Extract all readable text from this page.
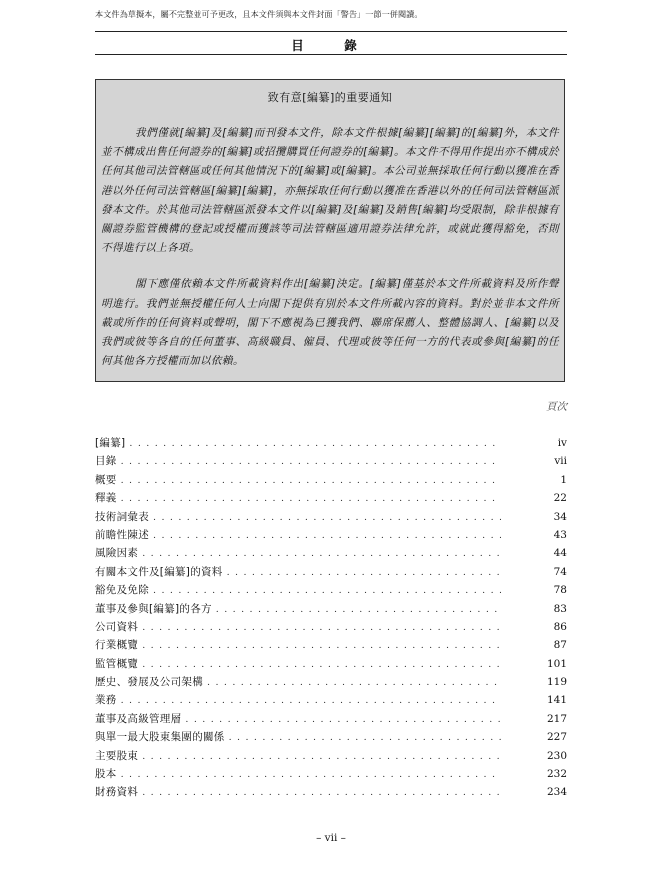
本文件為草擬本，屬不完整並可予更改，且本文件須與本文件封面「警告」一節一併閱讀。
目　錄
致有意[編纂]的重要通知

我們僅就[編纂]及[編纂]而刊發本文件，除本文件根據[編纂][編纂]的[編纂]外，本文件並不構成出售任何證券的[編纂]或招攬購買任何證券的[編纂]。本文件不得用作提出亦不構成於任何其他司法管轄區或任何其他情況下的[編纂]或[編纂]。本公司並無採取任何行動以獲准在香港以外任何司法管轄區[編纂][編纂]，亦無採取任何行動以獲准在香港以外的任何司法管轄區派發本文件。於其他司法管轄區派發本文件以[編纂]及[編纂]及銷售[編纂]均受限制，除非根據有關證券監管機構的登記或授權而獲該等司法管轄區適用證券法律允許，或就此獲得豁免，否則不得進行以上各項。

閣下應僅依賴本文件所載資料作出[編纂]決定。[編纂]僅基於本文件所載資料及所作聲明進行。我們並無授權任何人士向閣下提供有別於本文件所載內容的資料。對於並非本文件所載或所作的任何資料或聲明，閣下不應視為已獲我們、聯席保薦人、整體協調人、[編纂]以及我們或彼等各自的任何董事、高級職員、僱員、代理或彼等任何一方的代表或參與[編纂]的任何其他各方授權而加以依賴。

頁次
[編纂] . . .	iv
目錄 . . .	vii
概要 . . .	1
釋義 . . .	22
技術詞彙表 . . .	34
前瞻性陳述 . . .	43
風險因素 . . .	44
有關本文件及[編纂]的資料 . . .	74
豁免及免除 . . .	78
董事及參與[編纂]的各方 . . .	83
公司資料 . . .	86
行業概覽 . . .	87
監管概覽 . . .	101
歷史、發展及公司架構 . . .	119
業務 . . .	141
董事及高級管理層 . . .	217
與單一最大股東集團的關係 . . .	227
主要股東 . . .	230
股本 . . .	232
財務資料 . . .	234
– vii –
